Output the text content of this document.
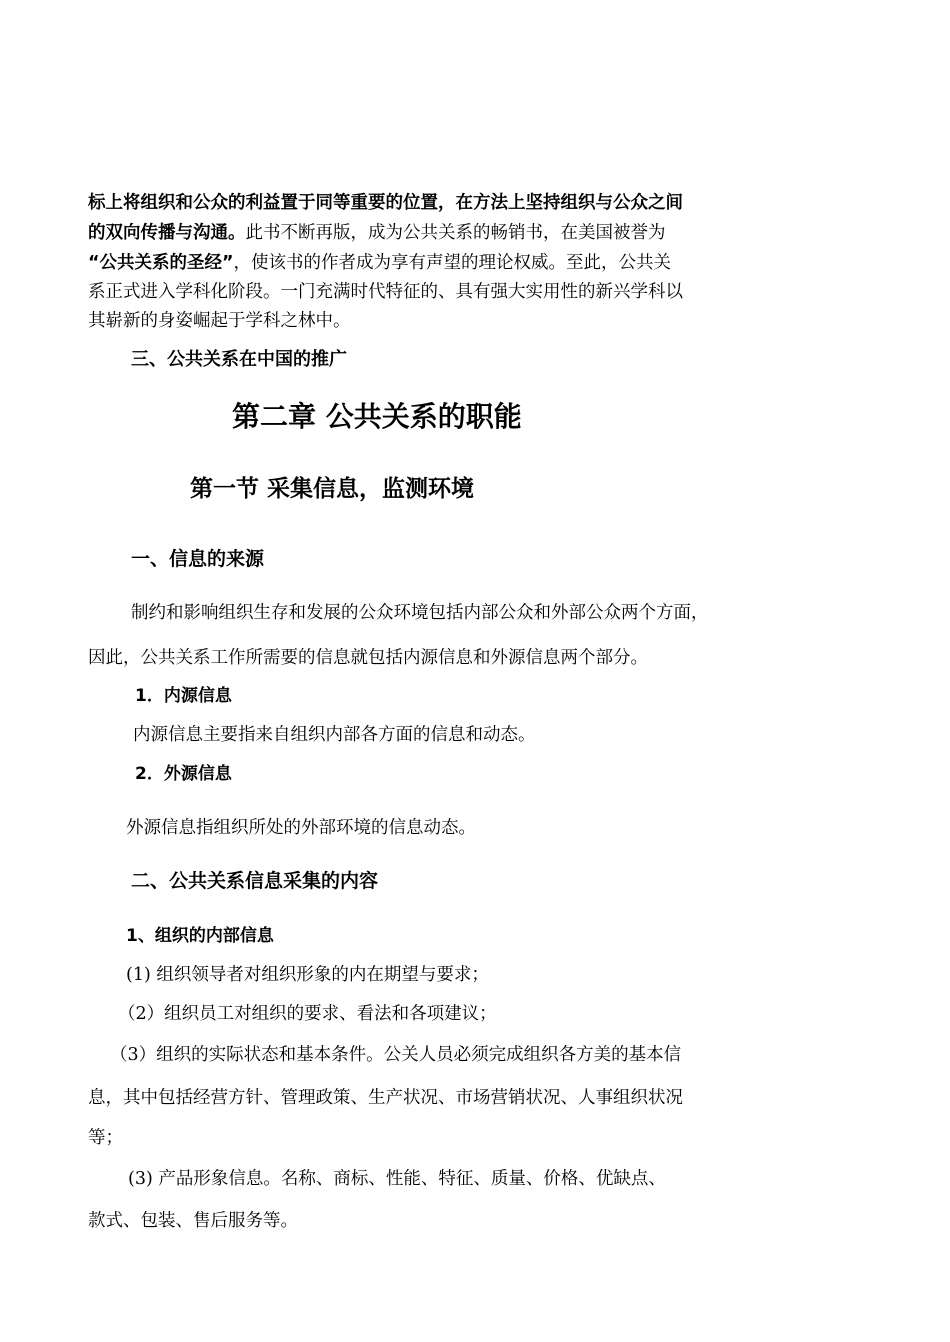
标上将组织和公众的利益置于同等重要的位置，在方法上坚持组织与公众之间
的双向传播与沟通。此书不断再版，成为公共关系的畅销书，在美国被誉为
“公共关系的圣经”，使该书的作者成为享有声望的理论权威。至此，公共关
系正式进入学科化阶段。一门充满时代特征的、具有强大实用性的新兴学科以
其崭新的身姿崛起于学科之林中。
三、公共关系在中国的推广
第二章 公共关系的职能
第一节 采集信息，监测环境
一、信息的来源
制约和影响组织生存和发展的公众环境包括内部公众和外部公众两个方面，
因此，公共关系工作所需要的信息就包括内源信息和外源信息两个部分。
1．内源信息
内源信息主要指来自组织内部各方面的信息和动态。
2．外源信息
外源信息指组织所处的外部环境的信息动态。
二、公共关系信息采集的内容
1、组织的内部信息
(1) 组织领导者对组织形象的内在期望与要求；
（2）组织员工对组织的要求、看法和各项建议；
（3）组织的实际状态和基本条件。公关人员必须完成组织各方美的基本信
息，其中包括经营方针、管理政策、生产状况、市场营销状况、人事组织状况
等；
(3) 产品形象信息。名称、商标、性能、特征、质量、价格、优缺点、
款式、包装、售后服务等。
